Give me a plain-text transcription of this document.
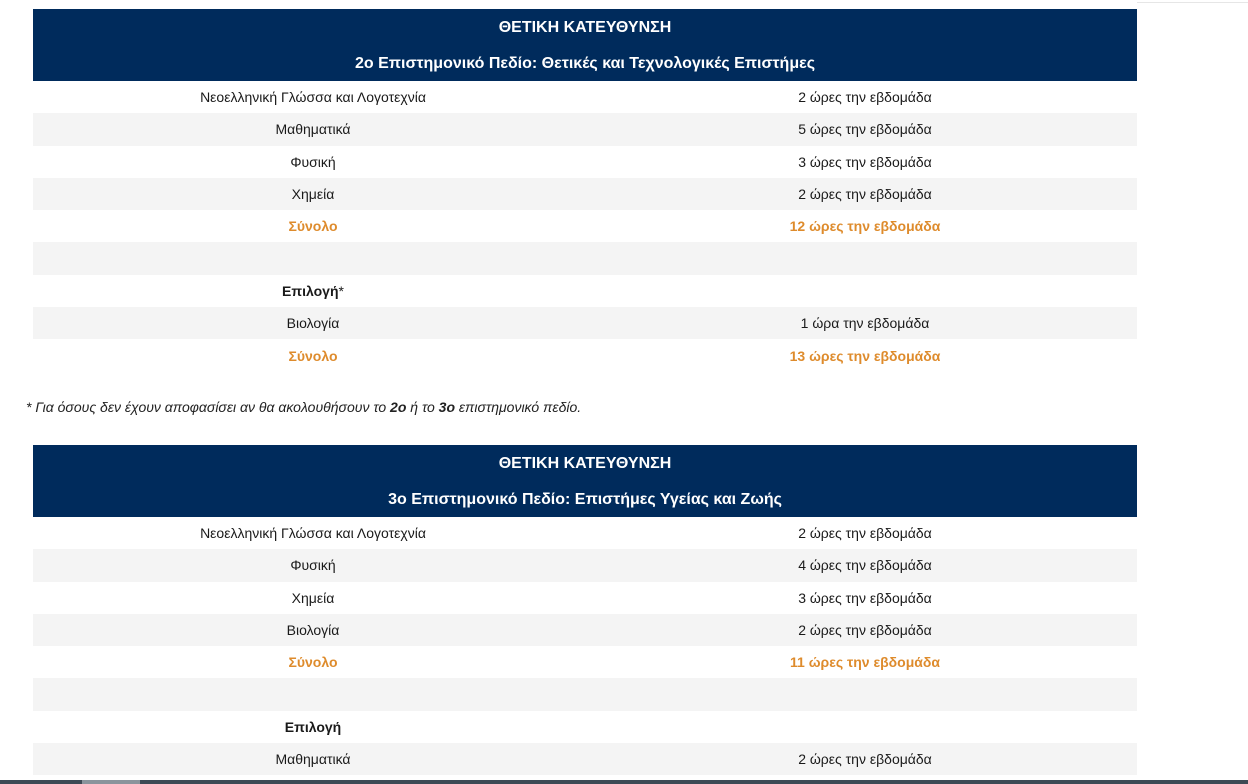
ΘΕΤΙΚΗ ΚΑΤΕΥΘΥΝΣΗ
2ο Επιστημονικό Πεδίο: Θετικές και Τεχνολογικές Επιστήμες
Νεοελληνική Γλώσσα και Λογοτεχνία	2 ώρες την εβδομάδα
Μαθηματικά	5 ώρες την εβδομάδα
Φυσική	3 ώρες την εβδομάδα
Χημεία	2 ώρες την εβδομάδα
Σύνολο	12 ώρες την εβδομάδα
Επιλογή*
Βιολογία	1 ώρα την εβδομάδα
Σύνολο	13 ώρες την εβδομάδα
* Για όσους δεν έχουν αποφασίσει αν θα ακολουθήσουν το 2ο ή το 3ο επιστημονικό πεδίο.
ΘΕΤΙΚΗ ΚΑΤΕΥΘΥΝΣΗ
3ο Επιστημονικό Πεδίο: Επιστήμες Υγείας και Ζωής
Νεοελληνική Γλώσσα και Λογοτεχνία	2 ώρες την εβδομάδα
Φυσική	4 ώρες την εβδομάδα
Χημεία	3 ώρες την εβδομάδα
Βιολογία	2 ώρες την εβδομάδα
Σύνολο	11 ώρες την εβδομάδα
Επιλογή
Μαθηματικά	2 ώρες την εβδομάδα
